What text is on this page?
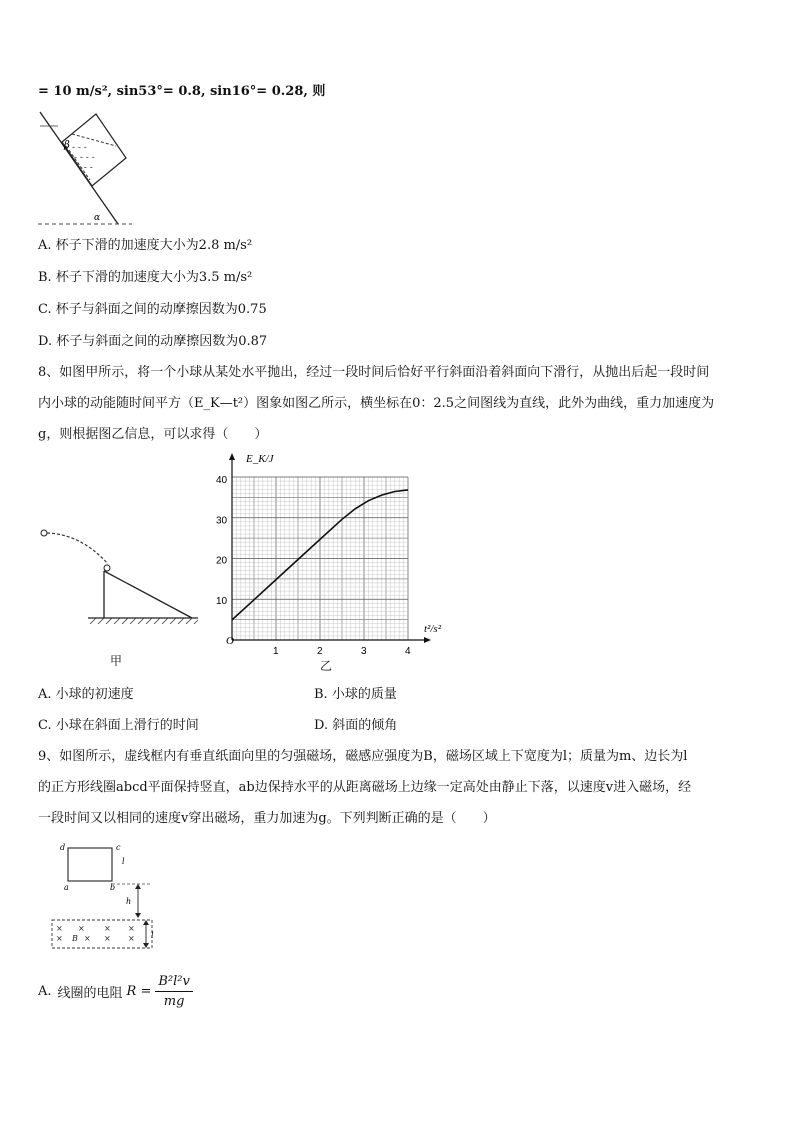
= 10 m/s², sin53°= 0.8, sin16°= 0.28, 则
- - -
- - - -
- - -
β
α
A. 杯子下滑的加速度大小为2.8 m/s²
B. 杯子下滑的加速度大小为3.5 m/s²
C. 杯子与斜面之间的动摩擦因数为0.75
D. 杯子与斜面之间的动摩擦因数为0.87
8、如图甲所示，将一个小球从某处水平抛出，经过一段时间后恰好平行斜面沿着斜面向下滑行，从抛出后起一段时间
内小球的动能随时间平方（E_K—t²）图象如图乙所示，横坐标在0：2.5之间图线为直线，此外为曲线，重力加速度为
g，则根据图乙信息，可以求得（　　）
甲
1	2	3	4
10
20
30
40
E_K/J
t²/s²
O
乙
A. 小球的初速度	B. 小球的质量
C. 小球在斜面上滑行的时间	D. 斜面的倾角
9、如图所示，虚线框内有垂直纸面向里的匀强磁场，磁感应强度为B，磁场区域上下宽度为l；质量为m、边长为l
的正方形线圈abcd平面保持竖直，ab边保持水平的从距离磁场上边缘一定高处由静止下落，以速度v进入磁场，经
一段时间又以相同的速度v穿出磁场，重力加速为g。下列判断正确的是（　　）
d	c
a	b
l
h
× × × ×
× B × × × l
A. 线圈的电阻 $R = \frac{\text{B²l²v}}{mg}$
